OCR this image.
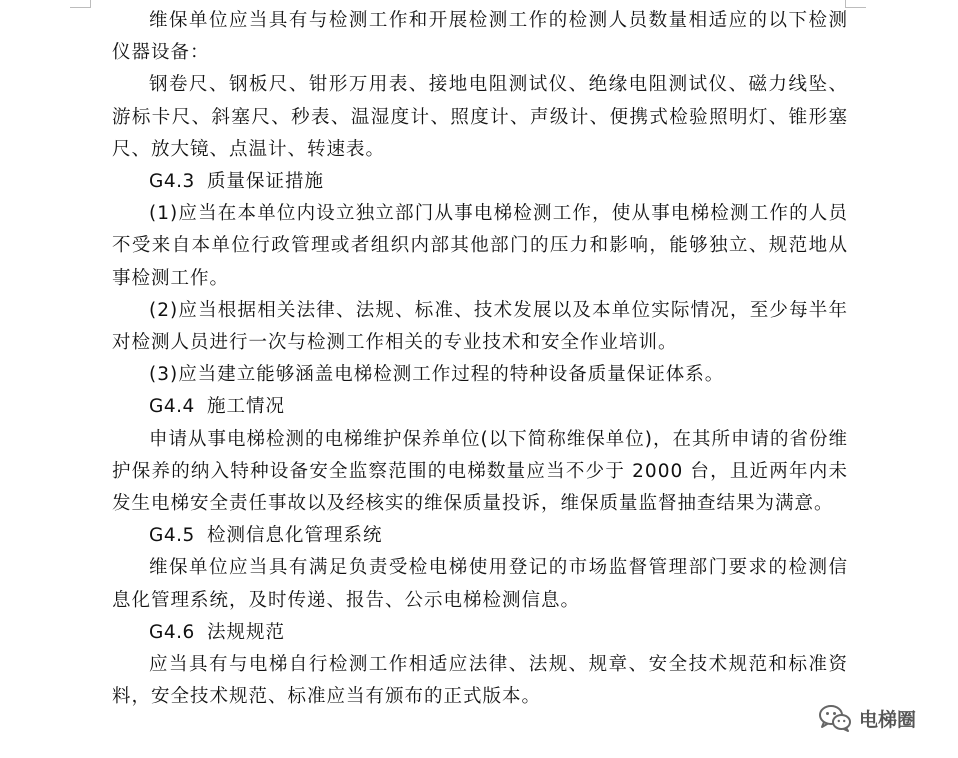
维保单位应当具有与检测工作和开展检测工作的检测人员数量相适应的以下检测仪器设备：

钢卷尺、钢板尺、钳形万用表、接地电阻测试仪、绝缘电阻测试仪、磁力线坠、游标卡尺、斜塞尺、秒表、温湿度计、照度计、声级计、便携式检验照明灯、锥形塞尺、放大镜、点温计、转速表。

G4.3 质量保证措施

(1)应当在本单位内设立独立部门从事电梯检测工作，使从事电梯检测工作的人员不受来自本单位行政管理或者组织内部其他部门的压力和影响，能够独立、规范地从事检测工作。

(2)应当根据相关法律、法规、标准、技术发展以及本单位实际情况，至少每半年对检测人员进行一次与检测工作相关的专业技术和安全作业培训。

(3)应当建立能够涵盖电梯检测工作过程的特种设备质量保证体系。

G4.4 施工情况

申请从事电梯检测的电梯维护保养单位(以下简称维保单位)，在其所申请的省份维护保养的纳入特种设备安全监察范围的电梯数量应当不少于 2000 台，且近两年内未发生电梯安全责任事故以及经核实的维保质量投诉，维保质量监督抽查结果为满意。

G4.5 检测信息化管理系统

维保单位应当具有满足负责受检电梯使用登记的市场监督管理部门要求的检测信息化管理系统，及时传递、报告、公示电梯检测信息。

G4.6 法规规范

应当具有与电梯自行检测工作相适应法律、法规、规章、安全技术规范和标准资料，安全技术规范、标准应当有颁布的正式版本。

电梯圈
